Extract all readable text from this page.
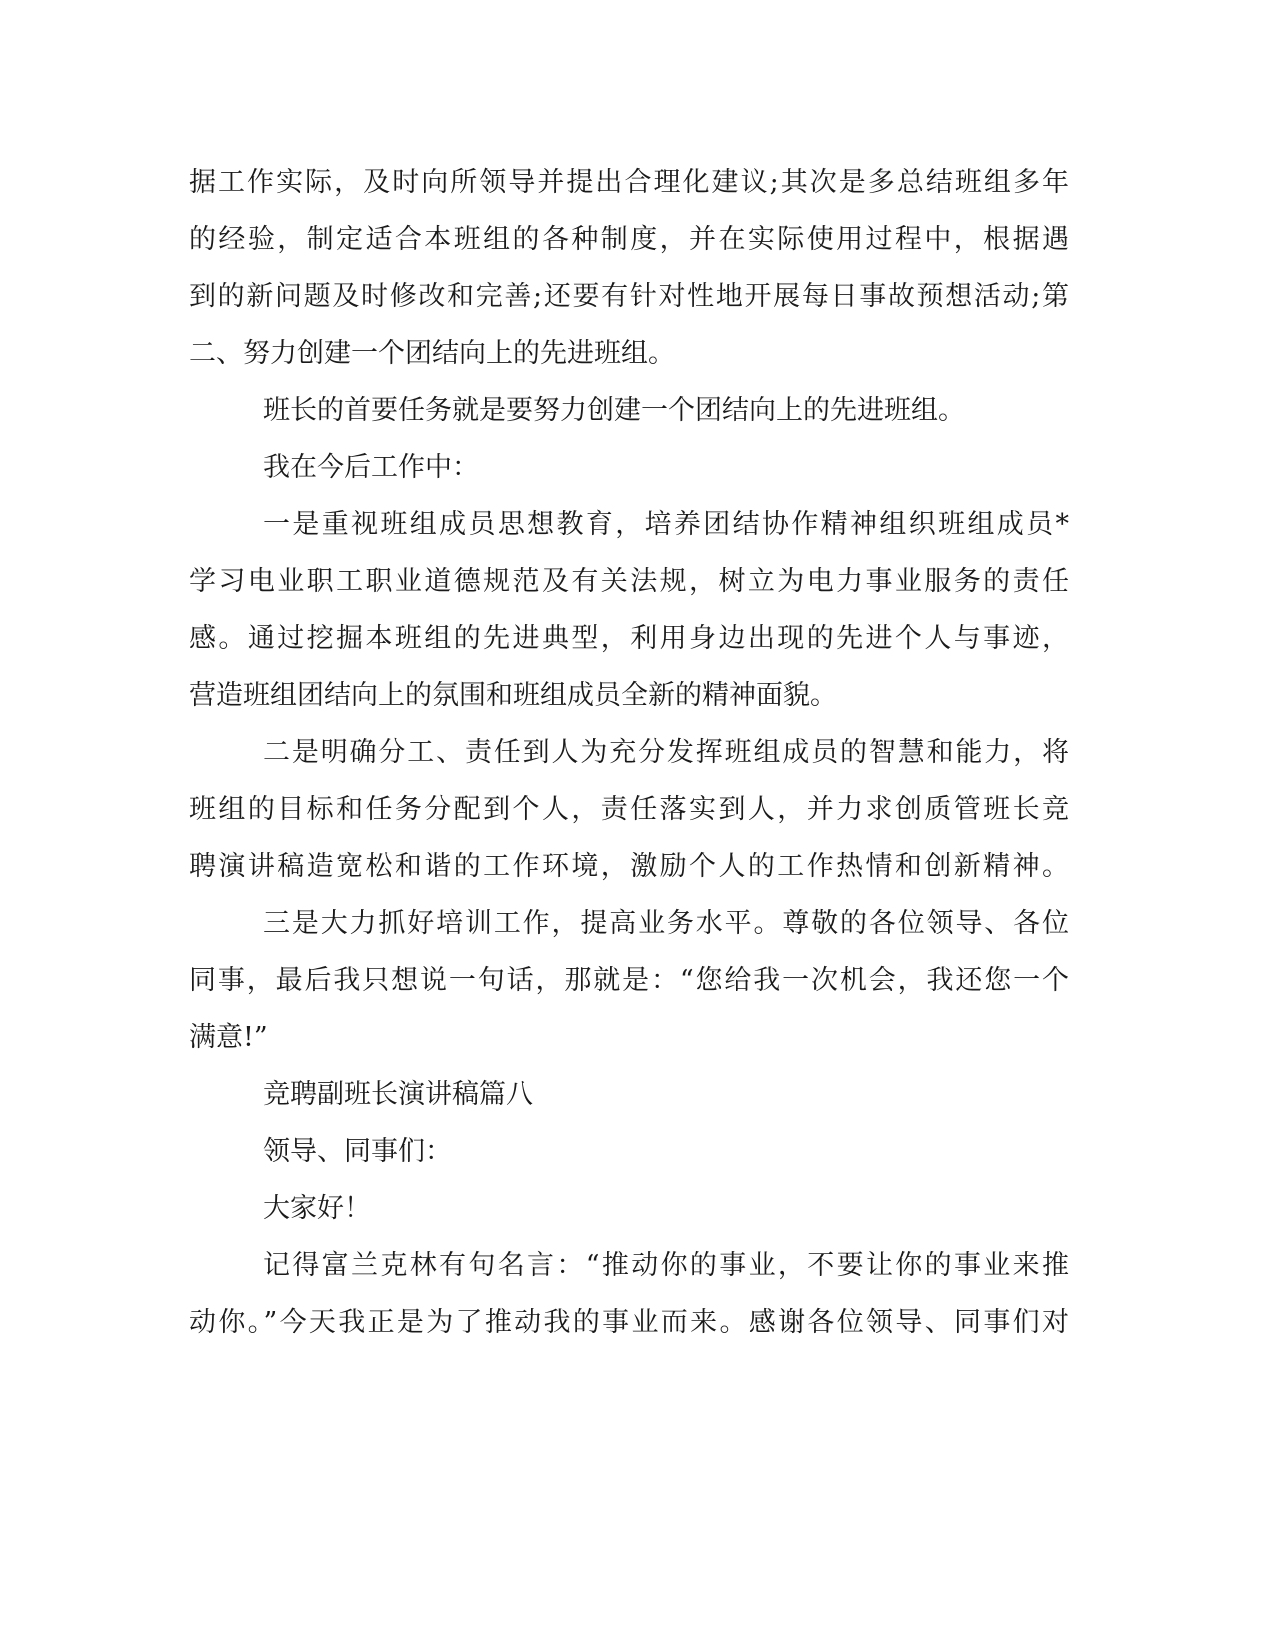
据工作实际，及时向所领导并提出合理化建议;其次是多总结班组多年
的经验，制定适合本班组的各种制度，并在实际使用过程中，根据遇
到的新问题及时修改和完善;还要有针对性地开展每日事故预想活动;第
二、努力创建一个团结向上的先进班组。
班长的首要任务就是要努力创建一个团结向上的先进班组。
我在今后工作中：
一是重视班组成员思想教育，培养团结协作精神组织班组成员*
学习电业职工职业道德规范及有关法规，树立为电力事业服务的责任
感。通过挖掘本班组的先进典型，利用身边出现的先进个人与事迹，
营造班组团结向上的氛围和班组成员全新的精神面貌。
二是明确分工、责任到人为充分发挥班组成员的智慧和能力，将
班组的目标和任务分配到个人，责任落实到人，并力求创质管班长竞
聘演讲稿造宽松和谐的工作环境，激励个人的工作热情和创新精神。
三是大力抓好培训工作，提高业务水平。尊敬的各位领导、各位
同事，最后我只想说一句话，那就是：“您给我一次机会，我还您一个
满意!”
竞聘副班长演讲稿篇八
领导、同事们：
大家好！
记得富兰克林有句名言：“推动你的事业，不要让你的事业来推
动你。”今天我正是为了推动我的事业而来。感谢各位领导、同事们对
